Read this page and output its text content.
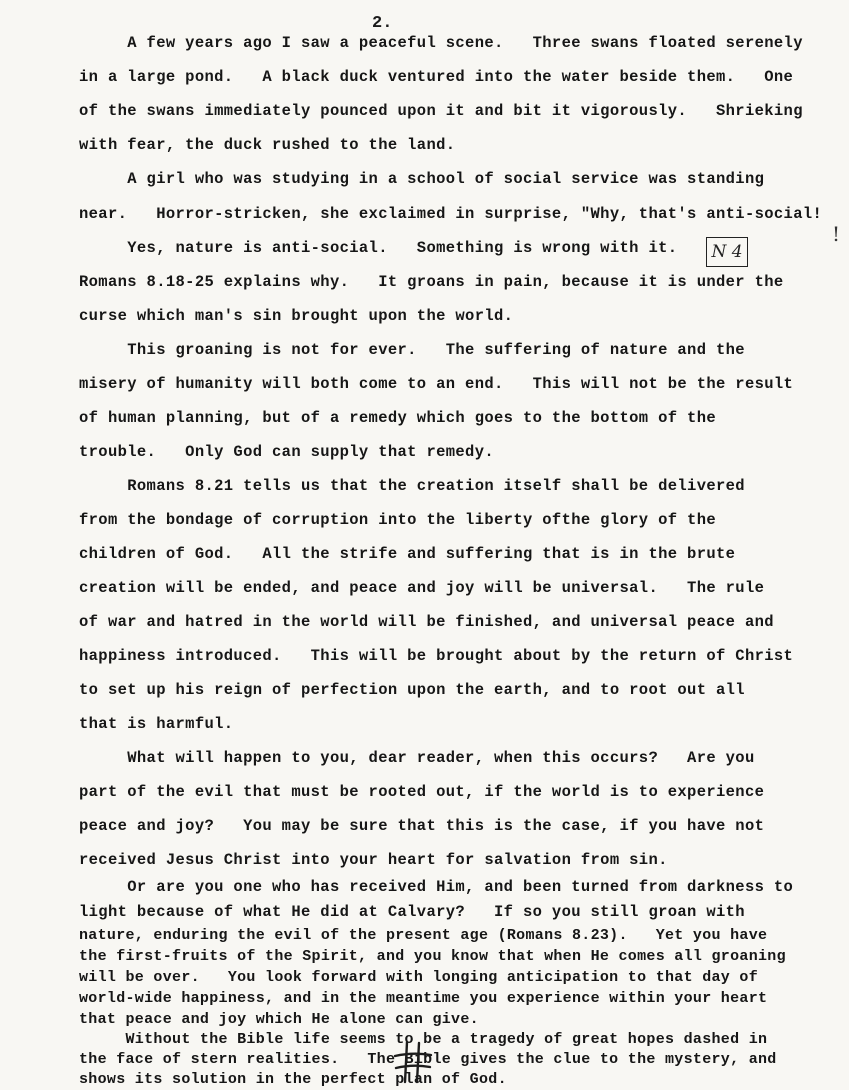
2.
A few years ago I saw a peaceful scene.   Three swans floated serenely
in a large pond.   A black duck ventured into the water beside them.   One
of the swans immediately pounced upon it and bit it vigorously.   Shrieking
with fear, the duck rushed to the land.
A girl who was studying in a school of social service was standing
near.   Horror-stricken, she exclaimed in surprise, "Why, that's anti-social!
Yes, nature is anti-social.   Something is wrong with it.
Romans 8.18-25 explains why.   It groans in pain, because it is under the
curse which man's sin brought upon the world.
This groaning is not for ever.   The suffering of nature and the
misery of humanity will both come to an end.   This will not be the result
of human planning, but of a remedy which goes to the bottom of the
trouble.   Only God can supply that remedy.
Romans 8.21 tells us that the creation itself shall be delivered
from the bondage of corruption into the liberty ofthe glory of the
children of God.   All the strife and suffering that is in the brute
creation will be ended, and peace and joy will be universal.   The rule
of war and hatred in the world will be finished, and universal peace and
happiness introduced.   This will be brought about by the return of Christ
to set up his reign of perfection upon the earth, and to root out all
that is harmful.
What will happen to you, dear reader, when this occurs?   Are you
part of the evil that must be rooted out, if the world is to experience
peace and joy?   You may be sure that this is the case, if you have not
received Jesus Christ into your heart for salvation from sin.
Or are you one who has received Him, and been turned from darkness to
light because of what He did at Calvary?   If so you still groan with
nature, enduring the evil of the present age (Romans 8.23).   Yet you have
the first-fruits of the Spirit, and you know that when He comes all groaning
will be over.   You look forward with longing anticipation to that day of
world-wide happiness, and in the meantime you experience within your heart
that peace and joy which He alone can give.
Without the Bible life seems to be a tragedy of great hopes dashed in
the face of stern realities.   The Bible gives the clue to the mystery, and
shows its solution in the perfect plan of God.
N 4
!
